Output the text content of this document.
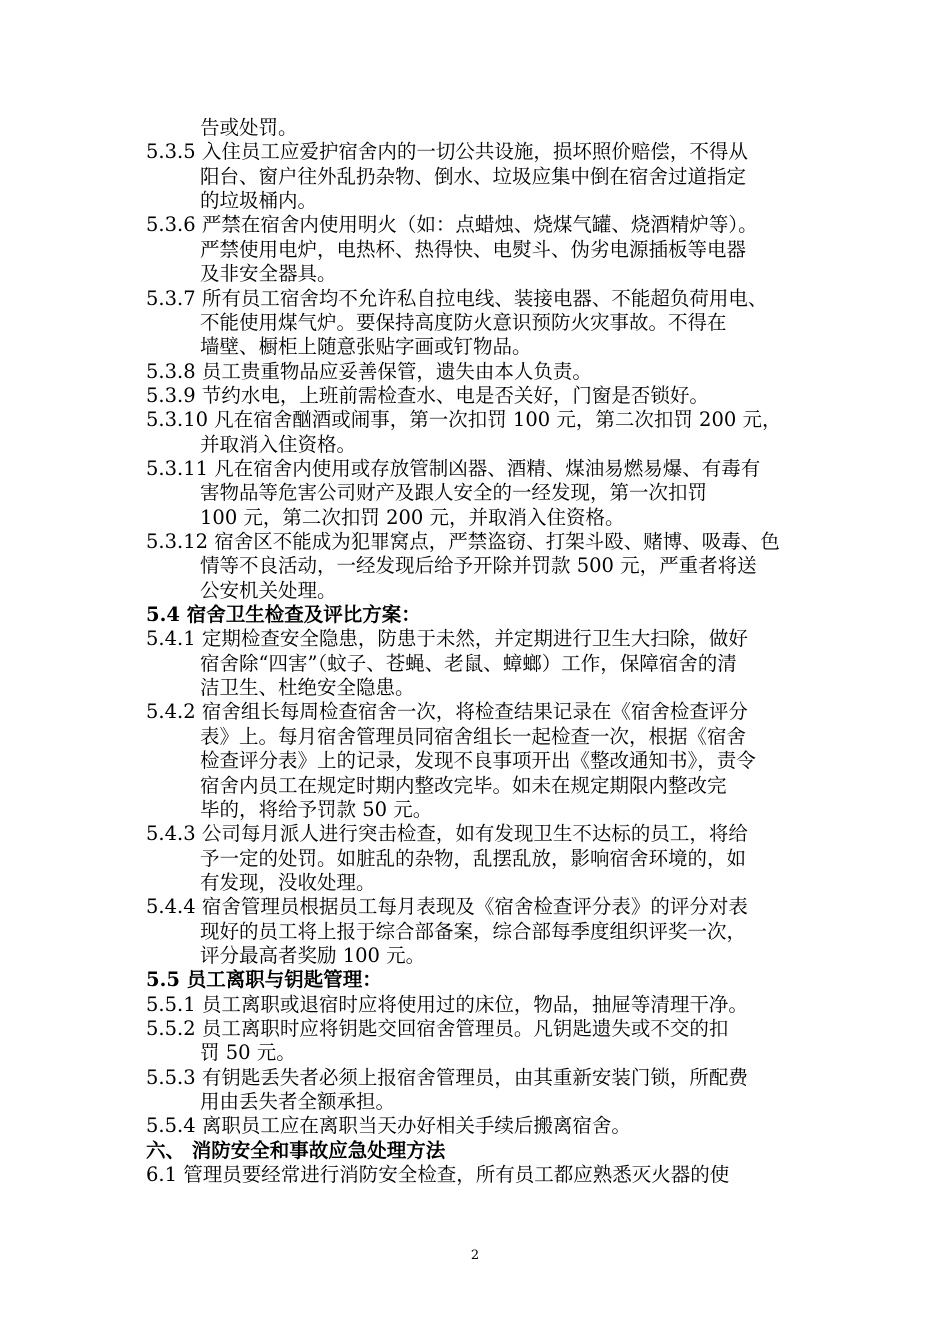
告或处罚。
5.3.5 入住员工应爱护宿舍内的一切公共设施，损坏照价赔偿，不得从
阳台、窗户往外乱扔杂物、倒水、垃圾应集中倒在宿舍过道指定
的垃圾桶内。
5.3.6 严禁在宿舍内使用明火（如：点蜡烛、烧煤气罐、烧酒精炉等）。
严禁使用电炉，电热杯、热得快、电熨斗、伪劣电源插板等电器
及非安全器具。
5.3.7 所有员工宿舍均不允许私自拉电线、装接电器、不能超负荷用电、
不能使用煤气炉。要保持高度防火意识预防火灾事故。不得在
墙壁、橱柜上随意张贴字画或钉物品。
5.3.8 员工贵重物品应妥善保管，遗失由本人负责。
5.3.9 节约水电，上班前需检查水、电是否关好，门窗是否锁好。
5.3.10 凡在宿舍酗酒或闹事，第一次扣罚 100 元，第二次扣罚 200 元，
并取消入住资格。
5.3.11 凡在宿舍内使用或存放管制凶器、酒精、煤油易燃易爆、有毒有
害物品等危害公司财产及跟人安全的一经发现，第一次扣罚
100 元，第二次扣罚 200 元，并取消入住资格。
5.3.12 宿舍区不能成为犯罪窝点，严禁盗窃、打架斗殴、赌博、吸毒、色
情等不良活动，一经发现后给予开除并罚款 500 元，严重者将送
公安机关处理。
5.4 宿舍卫生检查及评比方案：
5.4.1 定期检查安全隐患，防患于未然，并定期进行卫生大扫除，做好
宿舍除“四害”（蚊子、苍蝇、老鼠、蟑螂）工作，保障宿舍的清
洁卫生、杜绝安全隐患。
5.4.2 宿舍组长每周检查宿舍一次，将检查结果记录在《宿舍检查评分
表》上。每月宿舍管理员同宿舍组长一起检查一次，根据《宿舍
检查评分表》上的记录，发现不良事项开出《整改通知书》，责令
宿舍内员工在规定时期内整改完毕。如未在规定期限内整改完
毕的，将给予罚款 50 元。
5.4.3 公司每月派人进行突击检查，如有发现卫生不达标的员工，将给
予一定的处罚。如脏乱的杂物，乱摆乱放，影响宿舍环境的，如
有发现，没收处理。
5.4.4 宿舍管理员根据员工每月表现及《宿舍检查评分表》的评分对表
现好的员工将上报于综合部备案，综合部每季度组织评奖一次，
评分最高者奖励 100 元。
5.5 员工离职与钥匙管理：
5.5.1 员工离职或退宿时应将使用过的床位，物品，抽屉等清理干净。
5.5.2 员工离职时应将钥匙交回宿舍管理员。凡钥匙遗失或不交的扣
罚 50 元。
5.5.3 有钥匙丢失者必须上报宿舍管理员，由其重新安装门锁，所配费
用由丢失者全额承担。
5.5.4 离职员工应在离职当天办好相关手续后搬离宿舍。
六、 消防安全和事故应急处理方法
6.1 管理员要经常进行消防安全检查，所有员工都应熟悉灭火器的使
2
